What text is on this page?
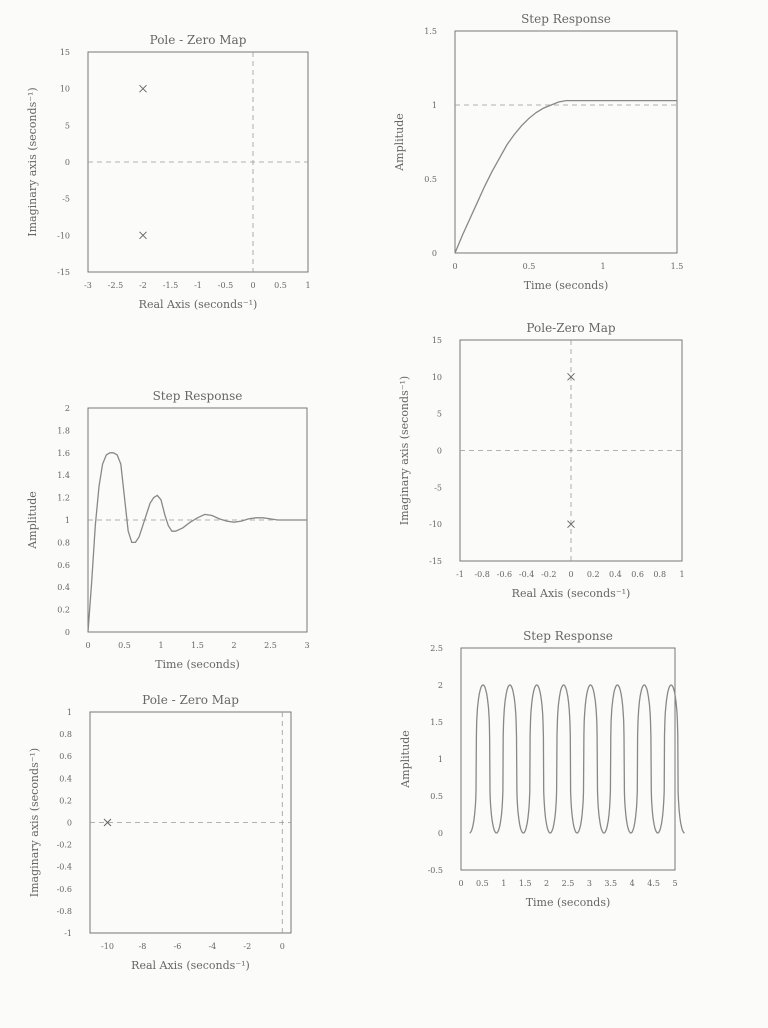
Pole - Zero Map
-3 -2.5 -2 -1.5 -1 -0.5 0 0.5 1
15
10
5
0
-5
-10
-15
Real Axis (seconds⁻¹)
Imaginary axis (seconds⁻¹)
Step Response
0	0.5	1	1.5
0
0.5
1
1.5
Time (seconds)
Amplitude
Step Response
0	0.5	1	1.5	2	2.5	3
0
0.2
0.4
0.6
0.8
1
1.2
1.4
1.6
1.8
2
Time (seconds)
Amplitude
Pole-Zero Map
-1 -0.8 -0.6 -0.4 -0.2 0 0.2 0.4 0.6 0.8 1
15
10
5
0
-5
-10
-15
Real Axis (seconds⁻¹)
Imaginary axis (seconds⁻¹)
Pole - Zero Map
-10	-8	-6	-4	-2	0
1
0.8
0.6
0.4
0.2
0
-0.2
-0.4
-0.6
-0.8
-1
Real Axis (seconds⁻¹)
Imaginary axis (seconds⁻¹)
Step Response
0 0.5 1 1.5 2 2.5 3 3.5 4 4.5 5
-0.5
0
0.5
1
1.5
2
2.5
Time (seconds)
Amplitude
